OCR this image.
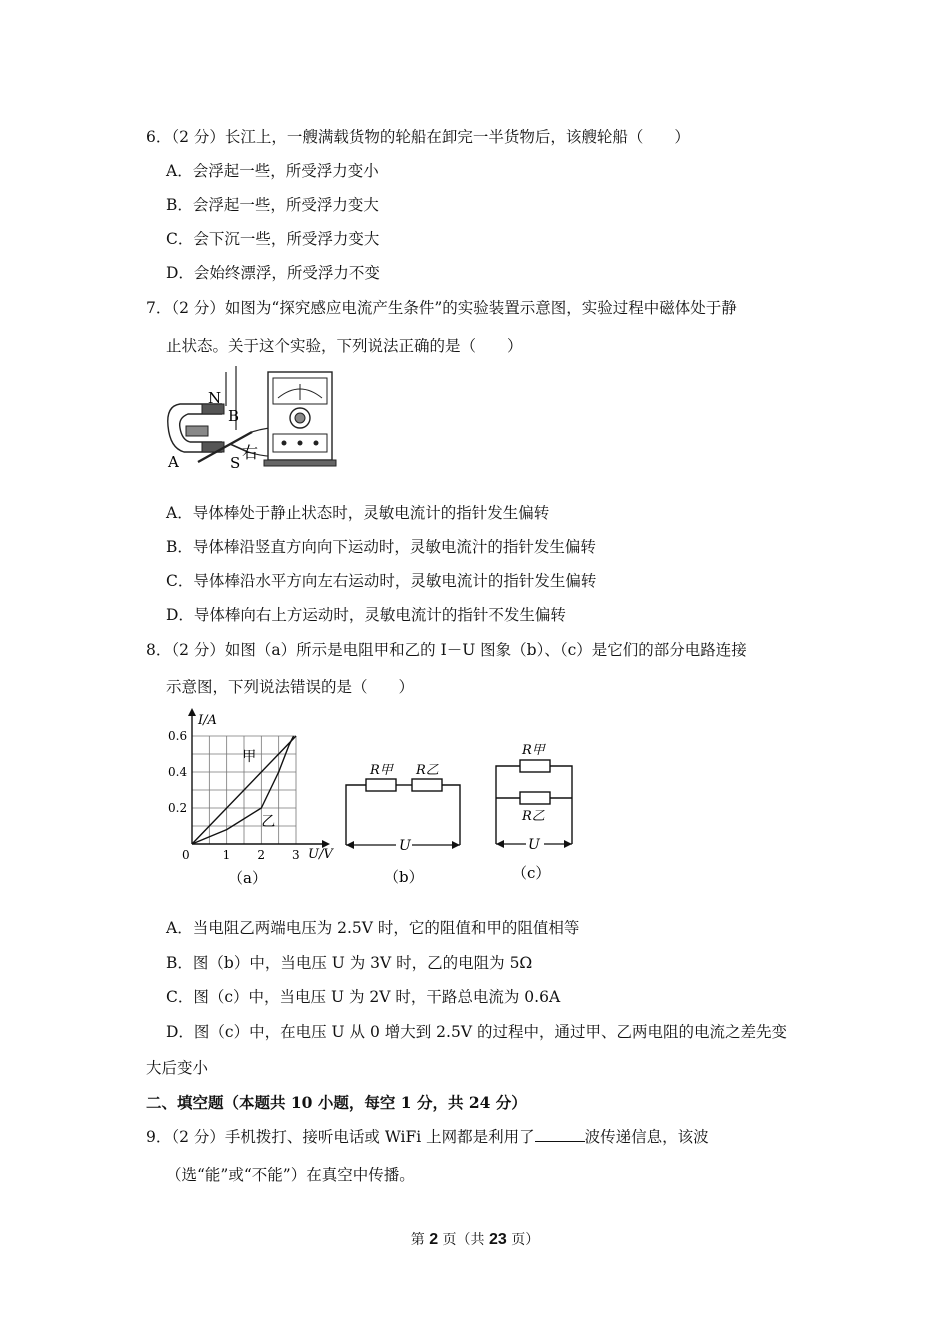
6．（2 分）长江上，一艘满载货物的轮船在卸完一半货物后，该艘轮船（　　）
A．会浮起一些，所受浮力变小
B．会浮起一些，所受浮力变大
C．会下沉一些，所受浮力变大
D．会始终漂浮，所受浮力不变
7．（2 分）如图为“探究感应电流产生条件”的实验装置示意图，实验过程中磁体处于静
止状态。关于这个实验，下列说法正确的是（　　）
N
B
右
A	S
A．导体棒处于静止状态时，灵敏电流计的指针发生偏转
B．导体棒沿竖直方向向下运动时，灵敏电流汁的指针发生偏转
C．导体棒沿水平方向左右运动时，灵敏电流计的指针发生偏转
D．导体棒向右上方运动时，灵敏电流计的指针不发生偏转
8．（2 分）如图（a）所示是电阻甲和乙的 I－U 图象（b）、（c）是它们的部分电路连接
示意图，下列说法错误的是（　　）
0	1 2 3
0.2
0.4
0.6
I/A
U/V
甲
乙
（a）
R甲 R乙
U
（b）
R甲
R乙
U
（c）
A．当电阻乙两端电压为 2.5V 时，它的阻值和甲的阻值相等
B．图（b）中，当电压 U 为 3V 时，乙的电阻为 5Ω
C．图（c）中，当电压 U 为 2V 时，干路总电流为 0.6A
D．图（c）中，在电压 U 从 0 增大到 2.5V 的过程中，通过甲、乙两电阻的电流之差先变
大后变小
二、填空题（本题共 10 小题，每空 1 分，共 24 分）
9．（2 分）手机拨打、接听电话或 WiFi 上网都是利用了	波传递信息，该波
（选“能”或“不能”）在真空中传播。
第 2 页（共 23 页）
